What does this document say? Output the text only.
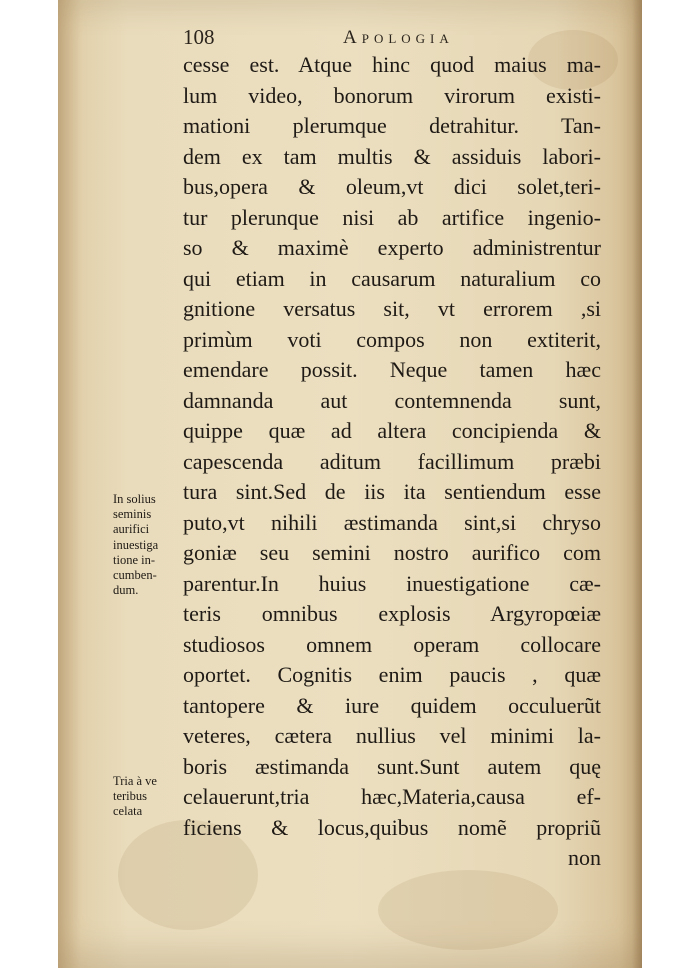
108	Apologia
cesse est. Atque hinc quod maius ma-
lum video, bonorum virorum existi-
mationi plerumque detrahitur. Tan-
dem ex tam multis & assiduis labori-
bus,opera & oleum,vt dici solet,teri-
tur plerunque nisi ab artifice ingenio-
so & maximè experto administrentur
qui etiam in causarum naturalium co
gnitione versatus sit, vt errorem ,si
primùm voti compos non extiterit,
emendare possit. Neque tamen hæc
damnanda aut contemnenda sunt,
quippe quæ ad altera concipienda &
capescenda aditum facillimum præbi
tura sint.Sed de iis ita sentiendum esse
puto,vt nihili æstimanda sint,si chryso
goniæ seu semini nostro aurifico com
parentur.In huius inuestigatione cæ-
teris omnibus explosis Argyropœiæ
studiosos omnem operam collocare
oportet. Cognitis enim paucis , quæ
tantopere & iure quidem occuluerũt
veteres, cætera nullius vel minimi la-
boris æstimanda sunt.Sunt autem quę
celauerunt,tria hæc,Materia,causa ef-
ficiens & locus,quibus nomẽ propriũ
non
In solius
seminis
aurifici
inuestiga
tione in-
cumben-
dum.
Tria à ve
teribus
celata
